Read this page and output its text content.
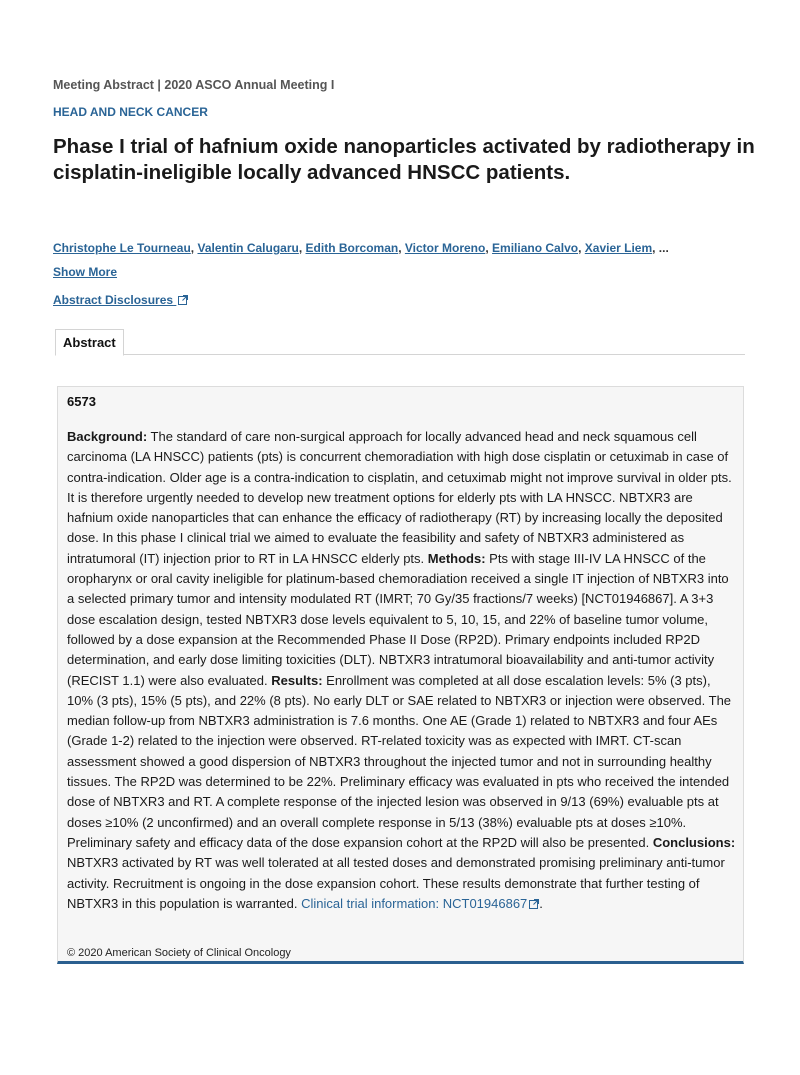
Meeting Abstract | 2020 ASCO Annual Meeting I
HEAD AND NECK CANCER
Phase I trial of hafnium oxide nanoparticles activated by radiotherapy in cisplatin-ineligible locally advanced HNSCC patients.
Christophe Le Tourneau, Valentin Calugaru, Edith Borcoman, Victor Moreno, Emiliano Calvo, Xavier Liem, ...
Show More
Abstract Disclosures
Abstract
6573
Background: The standard of care non-surgical approach for locally advanced head and neck squamous cell carcinoma (LA HNSCC) patients (pts) is concurrent chemoradiation with high dose cisplatin or cetuximab in case of contra-indication. Older age is a contra-indication to cisplatin, and cetuximab might not improve survival in older pts. It is therefore urgently needed to develop new treatment options for elderly pts with LA HNSCC. NBTXR3 are hafnium oxide nanoparticles that can enhance the efficacy of radiotherapy (RT) by increasing locally the deposited dose. In this phase I clinical trial we aimed to evaluate the feasibility and safety of NBTXR3 administered as intratumoral (IT) injection prior to RT in LA HNSCC elderly pts. Methods: Pts with stage III-IV LA HNSCC of the oropharynx or oral cavity ineligible for platinum-based chemoradiation received a single IT injection of NBTXR3 into a selected primary tumor and intensity modulated RT (IMRT; 70 Gy/35 fractions/7 weeks) [NCT01946867]. A 3+3 dose escalation design, tested NBTXR3 dose levels equivalent to 5, 10, 15, and 22% of baseline tumor volume, followed by a dose expansion at the Recommended Phase II Dose (RP2D). Primary endpoints included RP2D determination, and early dose limiting toxicities (DLT). NBTXR3 intratumoral bioavailability and anti-tumor activity (RECIST 1.1) were also evaluated. Results: Enrollment was completed at all dose escalation levels: 5% (3 pts), 10% (3 pts), 15% (5 pts), and 22% (8 pts). No early DLT or SAE related to NBTXR3 or injection were observed. The median follow-up from NBTXR3 administration is 7.6 months. One AE (Grade 1) related to NBTXR3 and four AEs (Grade 1-2) related to the injection were observed. RT-related toxicity was as expected with IMRT. CT-scan assessment showed a good dispersion of NBTXR3 throughout the injected tumor and not in surrounding healthy tissues. The RP2D was determined to be 22%. Preliminary efficacy was evaluated in pts who received the intended dose of NBTXR3 and RT. A complete response of the injected lesion was observed in 9/13 (69%) evaluable pts at doses ≥10% (2 unconfirmed) and an overall complete response in 5/13 (38%) evaluable pts at doses ≥10%. Preliminary safety and efficacy data of the dose expansion cohort at the RP2D will also be presented. Conclusions: NBTXR3 activated by RT was well tolerated at all tested doses and demonstrated promising preliminary anti-tumor activity. Recruitment is ongoing in the dose expansion cohort. These results demonstrate that further testing of NBTXR3 in this population is warranted. Clinical trial information: NCT01946867 .
© 2020 American Society of Clinical Oncology
